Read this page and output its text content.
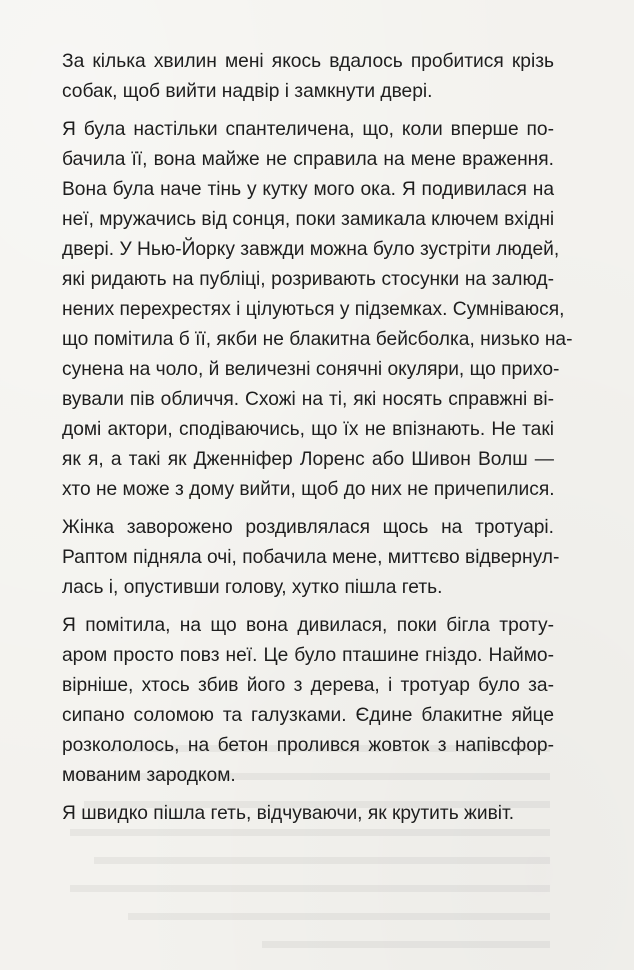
За кілька хвилин мені якось вдалось пробитися крізь
собак, щоб вийти надвір і замкнути двері.

Я була настільки спантеличена, що, коли вперше по-
бачила її, вона майже не справила на мене враження.
Вона була наче тінь у кутку мого ока. Я подивилася на
неї, мружачись від сонця, поки замикала ключем вхідні
двері. У Нью-Йорку завжди можна було зустріти людей,
які ридають на публіці, розривають стосунки на залюд-
нених перехрестях і цілуються у підземках. Сумніваюся,
що помітила б її, якби не блакитна бейсболка, низько на-
сунена на чоло, й величезні сонячні окуляри, що прихо-
вували пів обличчя. Схожі на ті, які носять справжні ві-
домі актори, сподіваючись, що їх не впізнають. Не такі
як я, а такі як Дженніфер Лоренс або Шивон Волш —
хто не може з дому вийти, щоб до них не причепилися.

Жінка заворожено роздивлялася щось на тротуарі.
Раптом підняла очі, побачила мене, миттєво відвернул-
лась і, опустивши голову, хутко пішла геть.

Я помітила, на що вона дивилася, поки бігла троту-
аром просто повз неї. Це було пташине гніздо. Наймо-
вірніше, хтось збив його з дерева, і тротуар було за-
сипано соломою та галузками. Єдине блакитне яйце
розкололось, на бетон пролився жовток з напівсфор-
мованим зародком.

Я швидко пішла геть, відчуваючи, як крутить живіт.
